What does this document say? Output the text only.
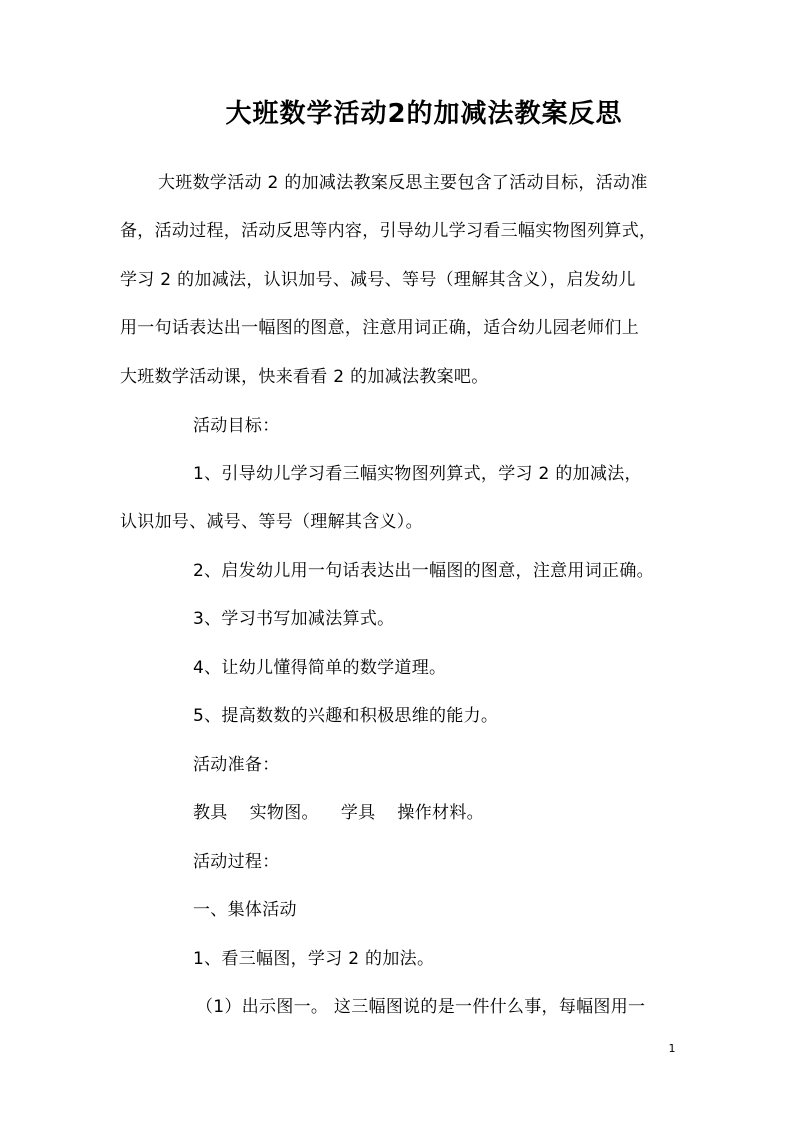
大班数学活动2的加减法教案反思
大班数学活动 2 的加减法教案反思主要包含了活动目标，活动准
备，活动过程，活动反思等内容，引导幼儿学习看三幅实物图列算式，
学习 2 的加减法，认识加号、减号、等号（理解其含义），启发幼儿
用一句话表达出一幅图的图意，注意用词正确，适合幼儿园老师们上
大班数学活动课，快来看看 2 的加减法教案吧。
活动目标：
1、引导幼儿学习看三幅实物图列算式，学习 2 的加减法，
认识加号、减号、等号（理解其含义）。
2、启发幼儿用一句话表达出一幅图的图意，注意用词正确。
3、学习书写加减法算式。
4、让幼儿懂得简单的数学道理。
5、提高数数的兴趣和积极思维的能力。
活动准备：
教具 实物图。 学具 操作材料。
活动过程：
一、集体活动
1、看三幅图，学习 2 的加法。
（1）出示图一。 这三幅图说的是一件什么事，每幅图用一
1
